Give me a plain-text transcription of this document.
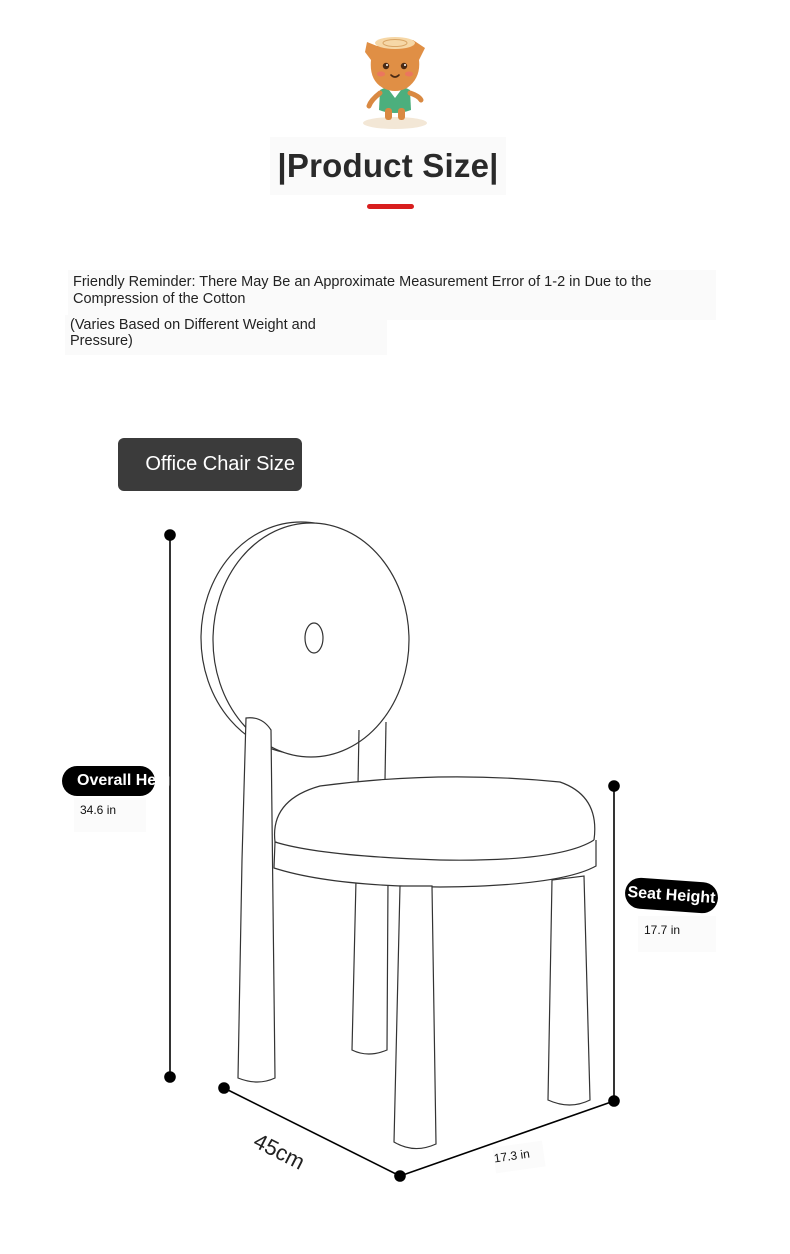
|Product Size|
Friendly Reminder: There May Be an Approximate Measurement Error of 1-2 in Due to the Compression of the Cotton
(Varies Based on Different Weight and Pressure)
Office Chair Size
Overall Height
34.6 in
Seat Height
17.7 in
45cm	17.3 in
